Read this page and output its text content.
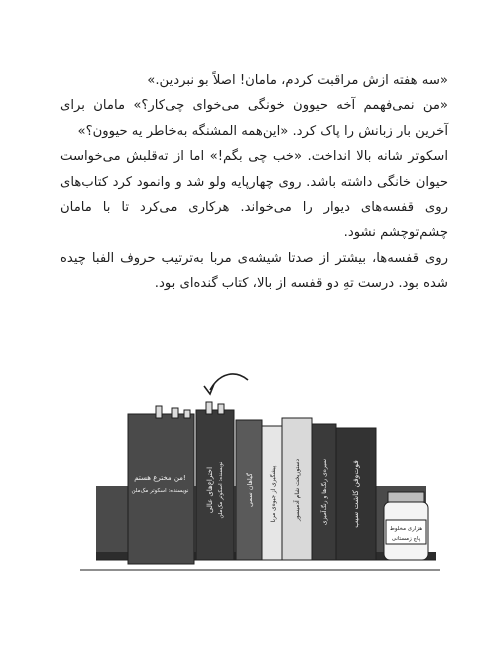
«سه هفته ازش مراقبت کردم، مامان! اصلاً بو نبردین.»

«من نمی‌فهمم آخه حیوون خونگی می‌خوای چی‌کار؟» مامان برای آخرین بار زبانش را پاک کرد. «این‌همه المشنگه به‌خاطر یه حیوون؟»

اسکوتر شانه بالا انداخت. «خب چی بگم!» اما از ته‌قلبش می‌خواست حیوان خانگی داشته باشد. روی چهارپایه ولو شد و وانمود کرد کتاب‌های روی قفسه‌های دیوار را می‌خواند. هرکاری می‌کرد تا با مامان چشم‌توچشم نشود.

روی قفسه‌ها، بیشتر از صدتا شیشه‌ی مربا به‌ترتیب حروف الفبا چیده شده بود. درست تهِ دو قفسه از بالا، کتاب گنده‌ای بود.

من مخترع هستم!
نویسنده: اسکوتر مک‌ملن	اختراع‌های عالی نویسنده: اسکوتر مک‌ملن	گیاهان سمی	پیشگیری از جیوه‌ی مربا	دستورپخت شام آدمیسور	سیره‌ی رنگ‌ها و رنگ‌آمیزی	فوت‌وفن کاشت سیب
هزاری مخلوط
پاچ زمستانی
